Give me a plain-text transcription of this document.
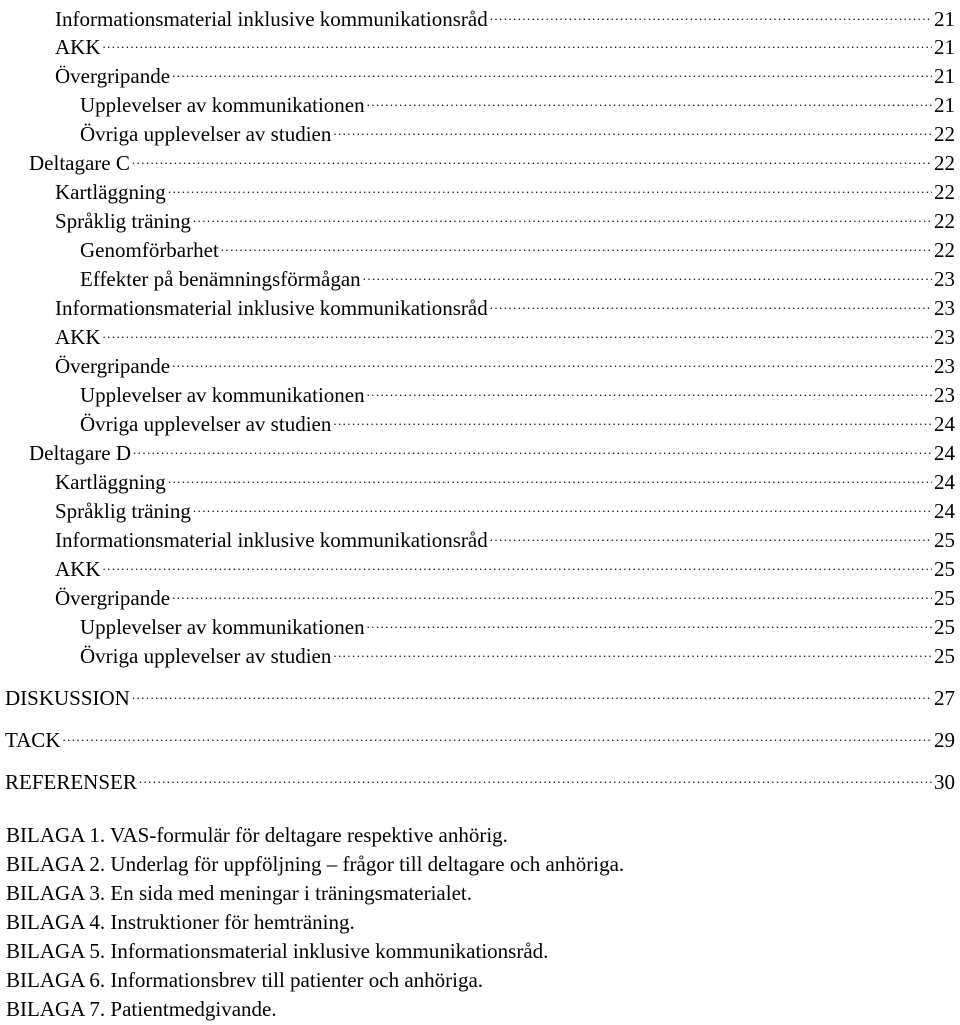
Informationsmaterial inklusive kommunikationsråd .....	21
AKK .....	21
Övergripande .....	21
Upplevelser av kommunikationen .....	21
Övriga upplevelser av studien .....	22
Deltagare C .....	22
Kartläggning .....	22
Språklig träning .....	22
Genomförbarhet .....	22
Effekter på benämningsförmågan .....	23
Informationsmaterial inklusive kommunikationsråd .....	23
AKK .....	23
Övergripande .....	23
Upplevelser av kommunikationen .....	23
Övriga upplevelser av studien .....	24
Deltagare D .....	24
Kartläggning .....	24
Språklig träning .....	24
Informationsmaterial inklusive kommunikationsråd .....	25
AKK .....	25
Övergripande .....	25
Upplevelser av kommunikationen .....	25
Övriga upplevelser av studien .....	25
DISKUSSION .....	27
TACK .....	29
REFERENSER .....	30
BILAGA 1. VAS-formulär för deltagare respektive anhörig.
BILAGA 2. Underlag för uppföljning – frågor till deltagare och anhöriga.
BILAGA 3. En sida med meningar i träningsmaterialet.
BILAGA 4. Instruktioner för hemträning.
BILAGA 5. Informationsmaterial inklusive kommunikationsråd.
BILAGA 6. Informationsbrev till patienter och anhöriga.
BILAGA 7. Patientmedgivande.
